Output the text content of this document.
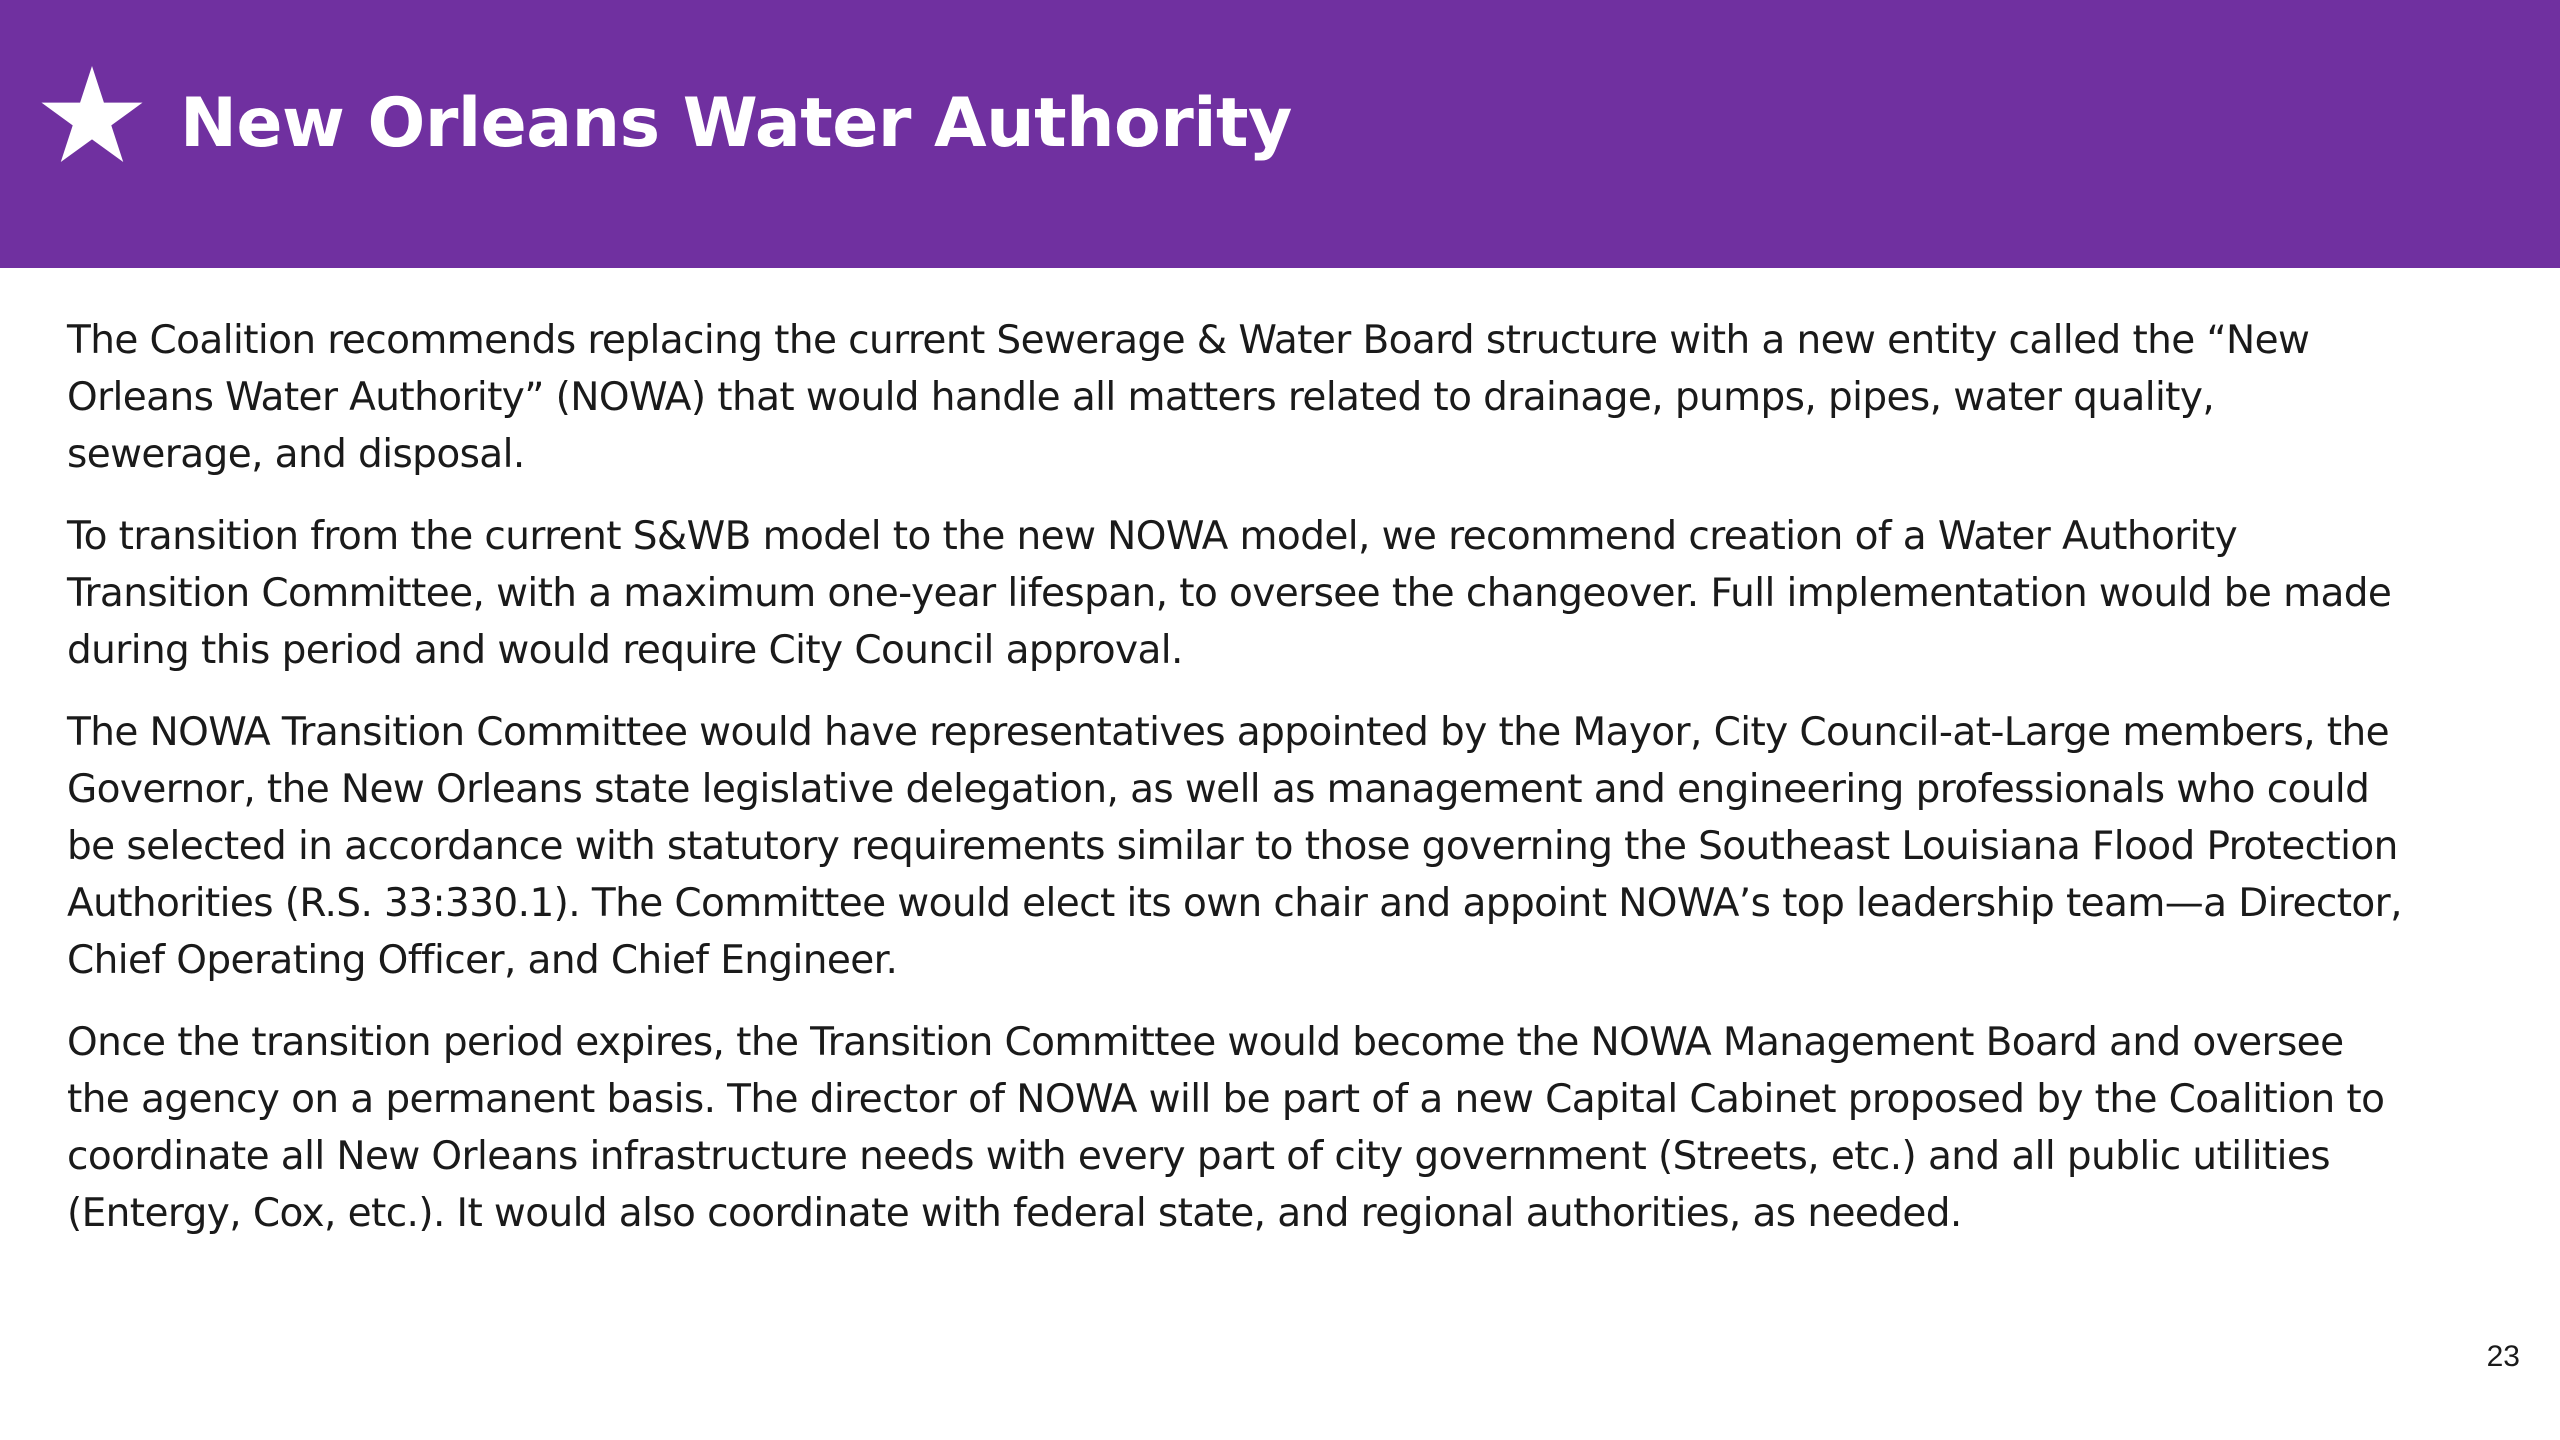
New Orleans Water Authority

The Coalition recommends replacing the current Sewerage & Water Board structure with a new entity called the “New Orleans Water Authority” (NOWA) that would handle all matters related to drainage, pumps, pipes, water quality, sewerage, and disposal.

To transition from the current S&WB model to the new NOWA model, we recommend creation of a Water Authority Transition Committee, with a maximum one-year lifespan, to oversee the changeover. Full implementation would be made during this period and would require City Council approval.

The NOWA Transition Committee would have representatives appointed by the Mayor, City Council-at-Large members, the Governor, the New Orleans state legislative delegation, as well as management and engineering professionals who could be selected in accordance with statutory requirements similar to those governing the Southeast Louisiana Flood Protection Authorities (R.S. 33:330.1). The Committee would elect its own chair and appoint NOWA’s top leadership team—a Director, Chief Operating Officer, and Chief Engineer.

Once the transition period expires, the Transition Committee would become the NOWA Management Board and oversee the agency on a permanent basis. The director of NOWA will be part of a new Capital Cabinet proposed by the Coalition to coordinate all New Orleans infrastructure needs with every part of city government (Streets, etc.) and all public utilities (Entergy, Cox, etc.). It would also coordinate with federal state, and regional authorities, as needed.

23
